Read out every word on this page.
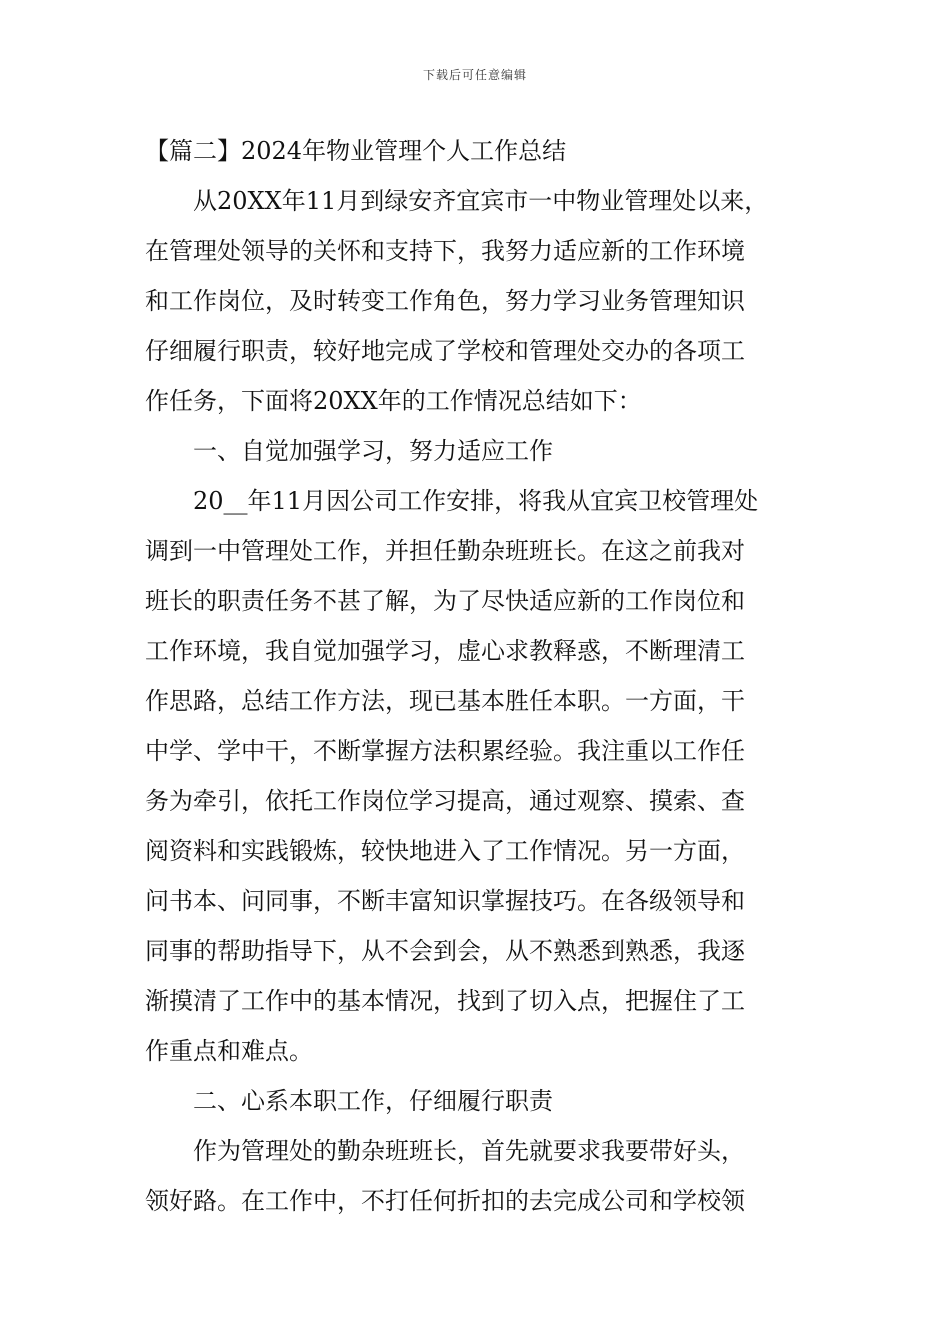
下载后可任意编辑
【篇二】2024年物业管理个人工作总结
　　从20XX年11月到绿安齐宜宾市一中物业管理处以来，
在管理处领导的关怀和支持下，我努力适应新的工作环境
和工作岗位，及时转变工作角色，努力学习业务管理知识
仔细履行职责，较好地完成了学校和管理处交办的各项工
作任务，下面将20XX年的工作情况总结如下：
　　一、自觉加强学习，努力适应工作
　　20__年11月因公司工作安排，将我从宜宾卫校管理处
调到一中管理处工作，并担任勤杂班班长。在这之前我对
班长的职责任务不甚了解，为了尽快适应新的工作岗位和
工作环境，我自觉加强学习，虚心求教释惑，不断理清工
作思路，总结工作方法，现已基本胜任本职。一方面，干
中学、学中干，不断掌握方法积累经验。我注重以工作任
务为牵引，依托工作岗位学习提高，通过观察、摸索、查
阅资料和实践锻炼，较快地进入了工作情况。另一方面，
问书本、问同事，不断丰富知识掌握技巧。在各级领导和
同事的帮助指导下，从不会到会，从不熟悉到熟悉，我逐
渐摸清了工作中的基本情况，找到了切入点，把握住了工
作重点和难点。
　　二、心系本职工作，仔细履行职责
　　作为管理处的勤杂班班长，首先就要求我要带好头，
领好路。在工作中，不打任何折扣的去完成公司和学校领
